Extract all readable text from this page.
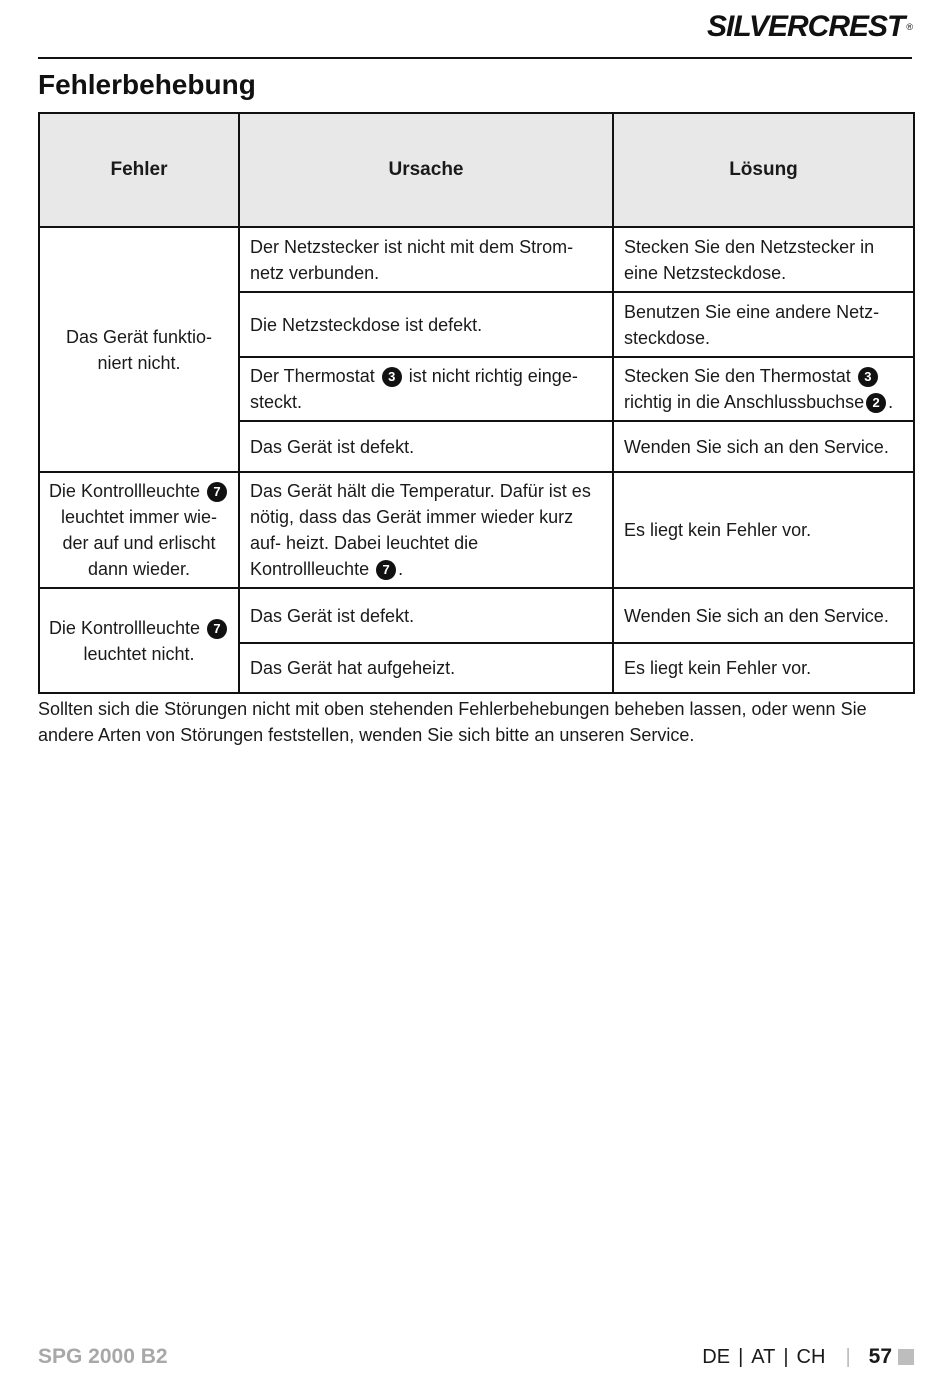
SILVERCREST ®
Fehlerbehebung
Fehler	Ursache	Lösung
Das Gerät funktio- niert nicht.	Der Netzstecker ist nicht mit dem Strom- netz verbunden.	Stecken Sie den Netzstecker in eine Netzsteckdose.
	Die Netzsteckdose ist defekt.	Benutzen Sie eine andere Netz- steckdose.
	Der Thermostat 3 ist nicht richtig einge- steckt.	Stecken Sie den Thermostat 3 richtig in die Anschlussbuchse 2 .
	Das Gerät ist defekt.	Wenden Sie sich an den Service.
Die Kontrollleuchte 7 leuchtet immer wie- der auf und erlischt dann wieder.	Das Gerät hält die Temperatur. Dafür ist es nötig, dass das Gerät immer wieder kurz auf- heizt. Dabei leuchtet die Kontrollleuchte 7 .	Es liegt kein Fehler vor.
Die Kontrollleuchte 7 leuchtet nicht.	Das Gerät ist defekt.	Wenden Sie sich an den Service.
	Das Gerät hat aufgeheizt.	Es liegt kein Fehler vor.

Sollten sich die Störungen nicht mit oben stehenden Fehlerbehebungen beheben lassen, oder wenn Sie andere Arten von Störungen feststellen, wenden Sie sich bitte an unseren Service.

SPG 2000 B2	DE | AT | CH | 57
